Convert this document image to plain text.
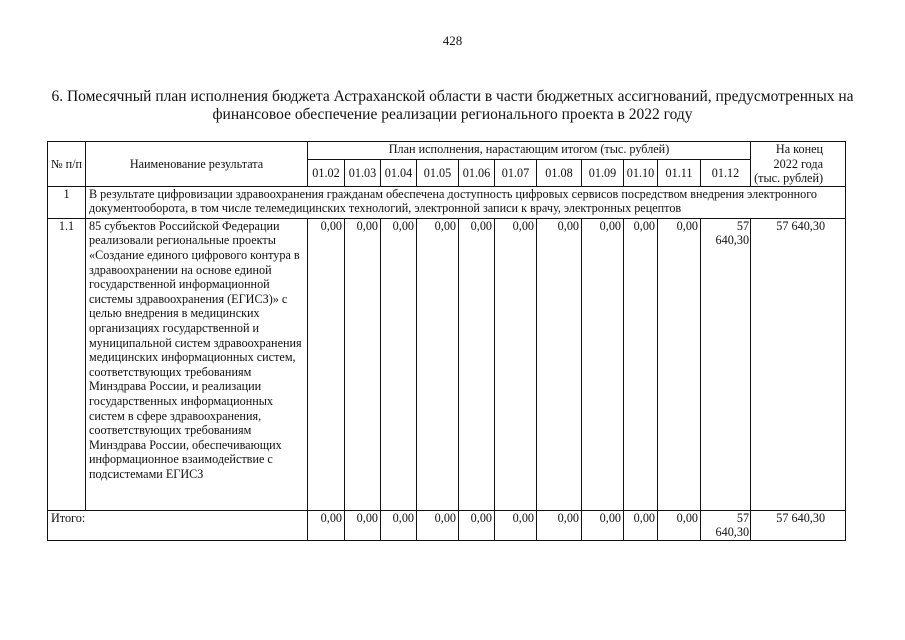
428
6. Помесячный план исполнения бюджета Астраханской области в части бюджетных ассигнований, предусмотренных на
финансовое обеспечение реализации регионального проекта в 2022 году
№ п/п	Наименование результата	План исполнения, нарастающим итогом (тыс. рублей)											На конец 2022 года (тыс. рублей)
		01.02	01.03	01.04	01.05	01.06	01.07	01.08	01.09	01.10	01.11	01.12	
1	В результате цифровизации здравоохранения гражданам обеспечена доступность цифровых сервисов посредством внедрения электронного документооборота, в том числе телемедицинских технологий, электронной записи к врачу, электронных рецептов												
1.1	85 субъектов Российской Федерации реализовали региональные проекты «Создание единого цифрового контура в здравоохранении на основе единой государственной информационной системы здравоохранения (ЕГИСЗ)» с целью внедрения в медицинских организациях государственной и муниципальной систем здравоохранения медицинских информационных систем, соответствующих требованиям Минздрава России, и реализации государственных информационных систем в сфере здравоохранения, соответствующих требованиям Минздрава России, обеспечивающих информационное взаимодействие с подсистемами ЕГИСЗ	0,00	0,00	0,00	0,00	0,00	0,00	0,00	0,00	0,00	0,00	57 640,30	57 640,30
Итого:		0,00	0,00	0,00	0,00	0,00	0,00	0,00	0,00	0,00	0,00	57 640,30	57 640,30
